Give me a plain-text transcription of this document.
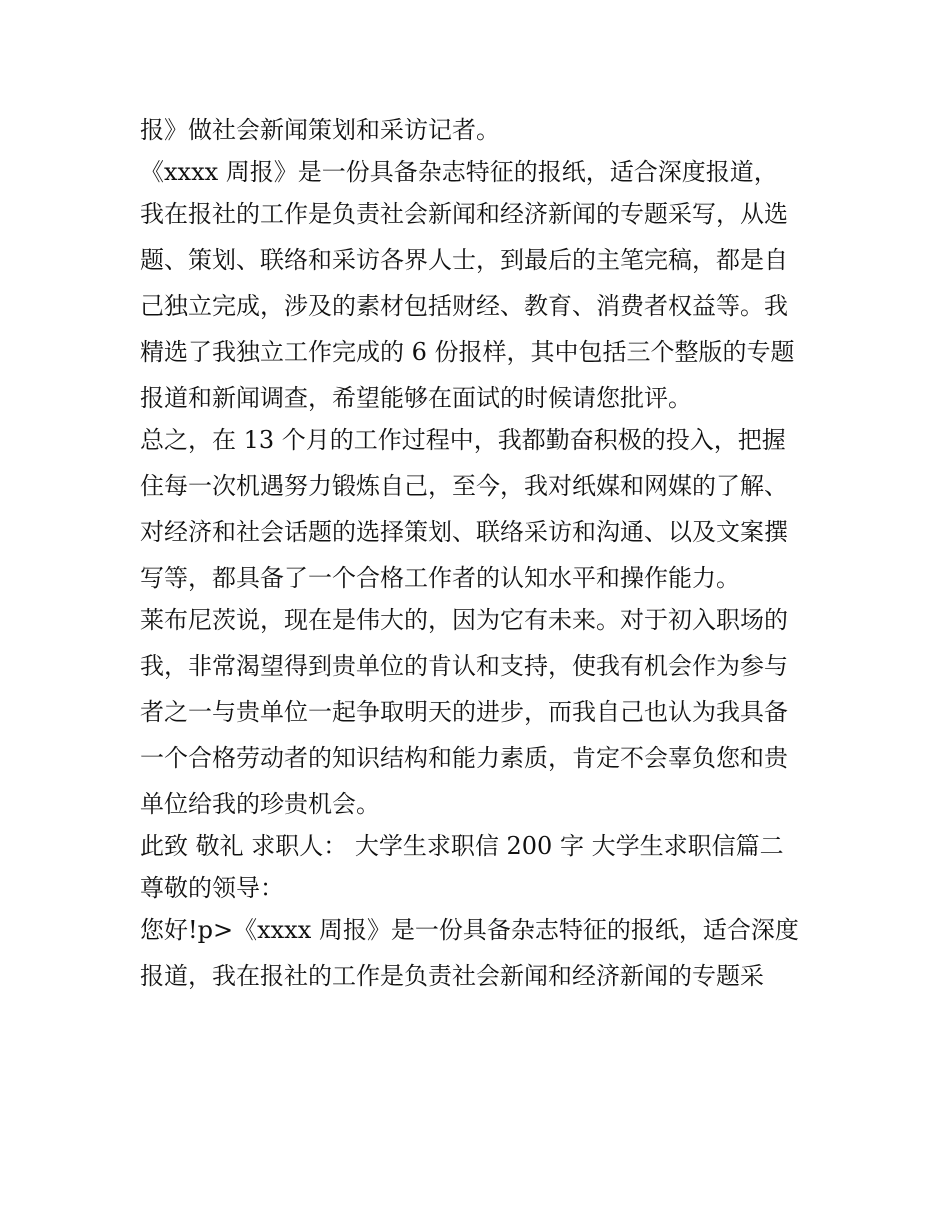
报》做社会新闻策划和采访记者。
《xxxx 周报》是一份具备杂志特征的报纸，适合深度报道，
我在报社的工作是负责社会新闻和经济新闻的专题采写，从选
题、策划、联络和采访各界人士，到最后的主笔完稿，都是自
己独立完成，涉及的素材包括财经、教育、消费者权益等。我
精选了我独立工作完成的 6 份报样，其中包括三个整版的专题
报道和新闻调查，希望能够在面试的时候请您批评。
总之，在 13 个月的工作过程中，我都勤奋积极的投入，把握
住每一次机遇努力锻炼自己，至今，我对纸媒和网媒的了解、
对经济和社会话题的选择策划、联络采访和沟通、以及文案撰
写等，都具备了一个合格工作者的认知水平和操作能力。
莱布尼茨说，现在是伟大的，因为它有未来。对于初入职场的
我，非常渴望得到贵单位的肯认和支持，使我有机会作为参与
者之一与贵单位一起争取明天的进步，而我自己也认为我具备
一个合格劳动者的知识结构和能力素质，肯定不会辜负您和贵
单位给我的珍贵机会。
此致 敬礼 求职人： 大学生求职信 200 字 大学生求职信篇二
尊敬的领导：
您好!p>《xxxx 周报》是一份具备杂志特征的报纸，适合深度
报道，我在报社的工作是负责社会新闻和经济新闻的专题采
